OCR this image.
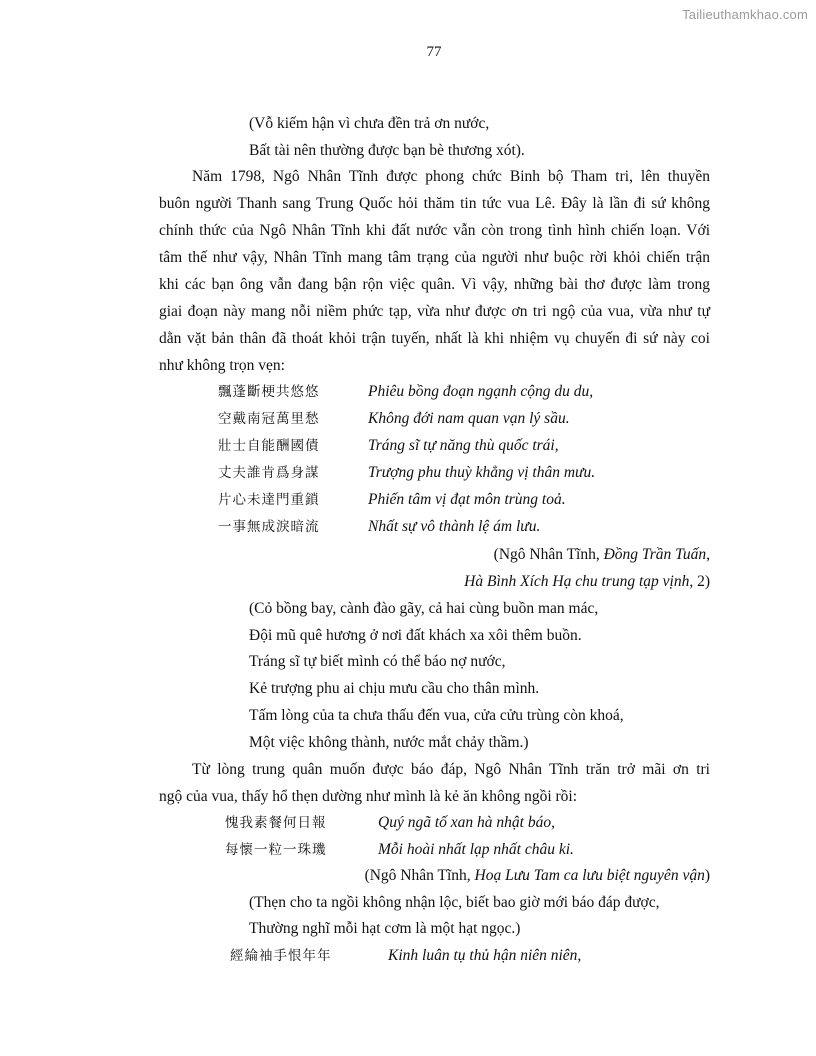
Tailieuthamkhao.com
77
(Vỗ kiếm hận vì chưa đền trả ơn nước,
Bất tài nên thường được bạn bè thương xót).
Năm 1798, Ngô Nhân Tĩnh được phong chức Binh bộ Tham tri, lên thuyền
buôn người Thanh sang Trung Quốc hỏi thăm tin tức vua Lê. Đây là lần đi sứ không
chính thức của Ngô Nhân Tĩnh khi đất nước vẫn còn trong tình hình chiến loạn. Với
tâm thế như vậy, Nhân Tĩnh mang tâm trạng của người như buộc rời khỏi chiến trận
khi các bạn ông vẫn đang bận rộn việc quân. Vì vậy, những bài thơ được làm trong
giai đoạn này mang nỗi niềm phức tạp, vừa như được ơn tri ngộ của vua, vừa như tự
dằn vặt bản thân đã thoát khỏi trận tuyến, nhất là khi nhiệm vụ chuyến đi sứ này coi
như không trọn vẹn:
飄蓬斷梗共悠悠	Phiêu bồng đoạn ngạnh cộng du du,
空戴南冠萬里愁	Không đới nam quan vạn lý sầu.
壯士自能酬國債	Tráng sĩ tự năng thù quốc trái,
丈夫誰肯爲身謀	Trượng phu thuỳ khẳng vị thân mưu.
片心未達門重鎖	Phiến tâm vị đạt môn trùng toả.
一事無成淚暗流	Nhất sự vô thành lệ ám lưu.
(Ngô Nhân Tĩnh, Đồng Trần Tuấn,
Hà Bình Xích Hạ chu trung tạp vịnh, 2)
(Cỏ bồng bay, cành đào gãy, cả hai cùng buồn man mác,
Đội mũ quê hương ở nơi đất khách xa xôi thêm buồn.
Tráng sĩ tự biết mình có thể báo nợ nước,
Kẻ trượng phu ai chịu mưu cầu cho thân mình.
Tấm lòng của ta chưa thấu đến vua, cửa cửu trùng còn khoá,
Một việc không thành, nước mắt chảy thầm.)
Từ lòng trung quân muốn được báo đáp, Ngô Nhân Tĩnh trăn trở mãi ơn tri
ngộ của vua, thấy hổ thẹn dường như mình là kẻ ăn không ngồi rồi:
愧我素餐何日報	Quý ngã tố xan hà nhật báo,
每懷一粒一珠璣	Mỗi hoài nhất lạp nhất châu ki.
(Ngô Nhân Tĩnh, Hoạ Lưu Tam ca lưu biệt nguyên vận)
(Thẹn cho ta ngồi không nhận lộc, biết bao giờ mới báo đáp được,
Thường nghĩ mỗi hạt cơm là một hạt ngọc.)
經綸袖手恨年年	Kinh luân tụ thủ hận niên niên,
